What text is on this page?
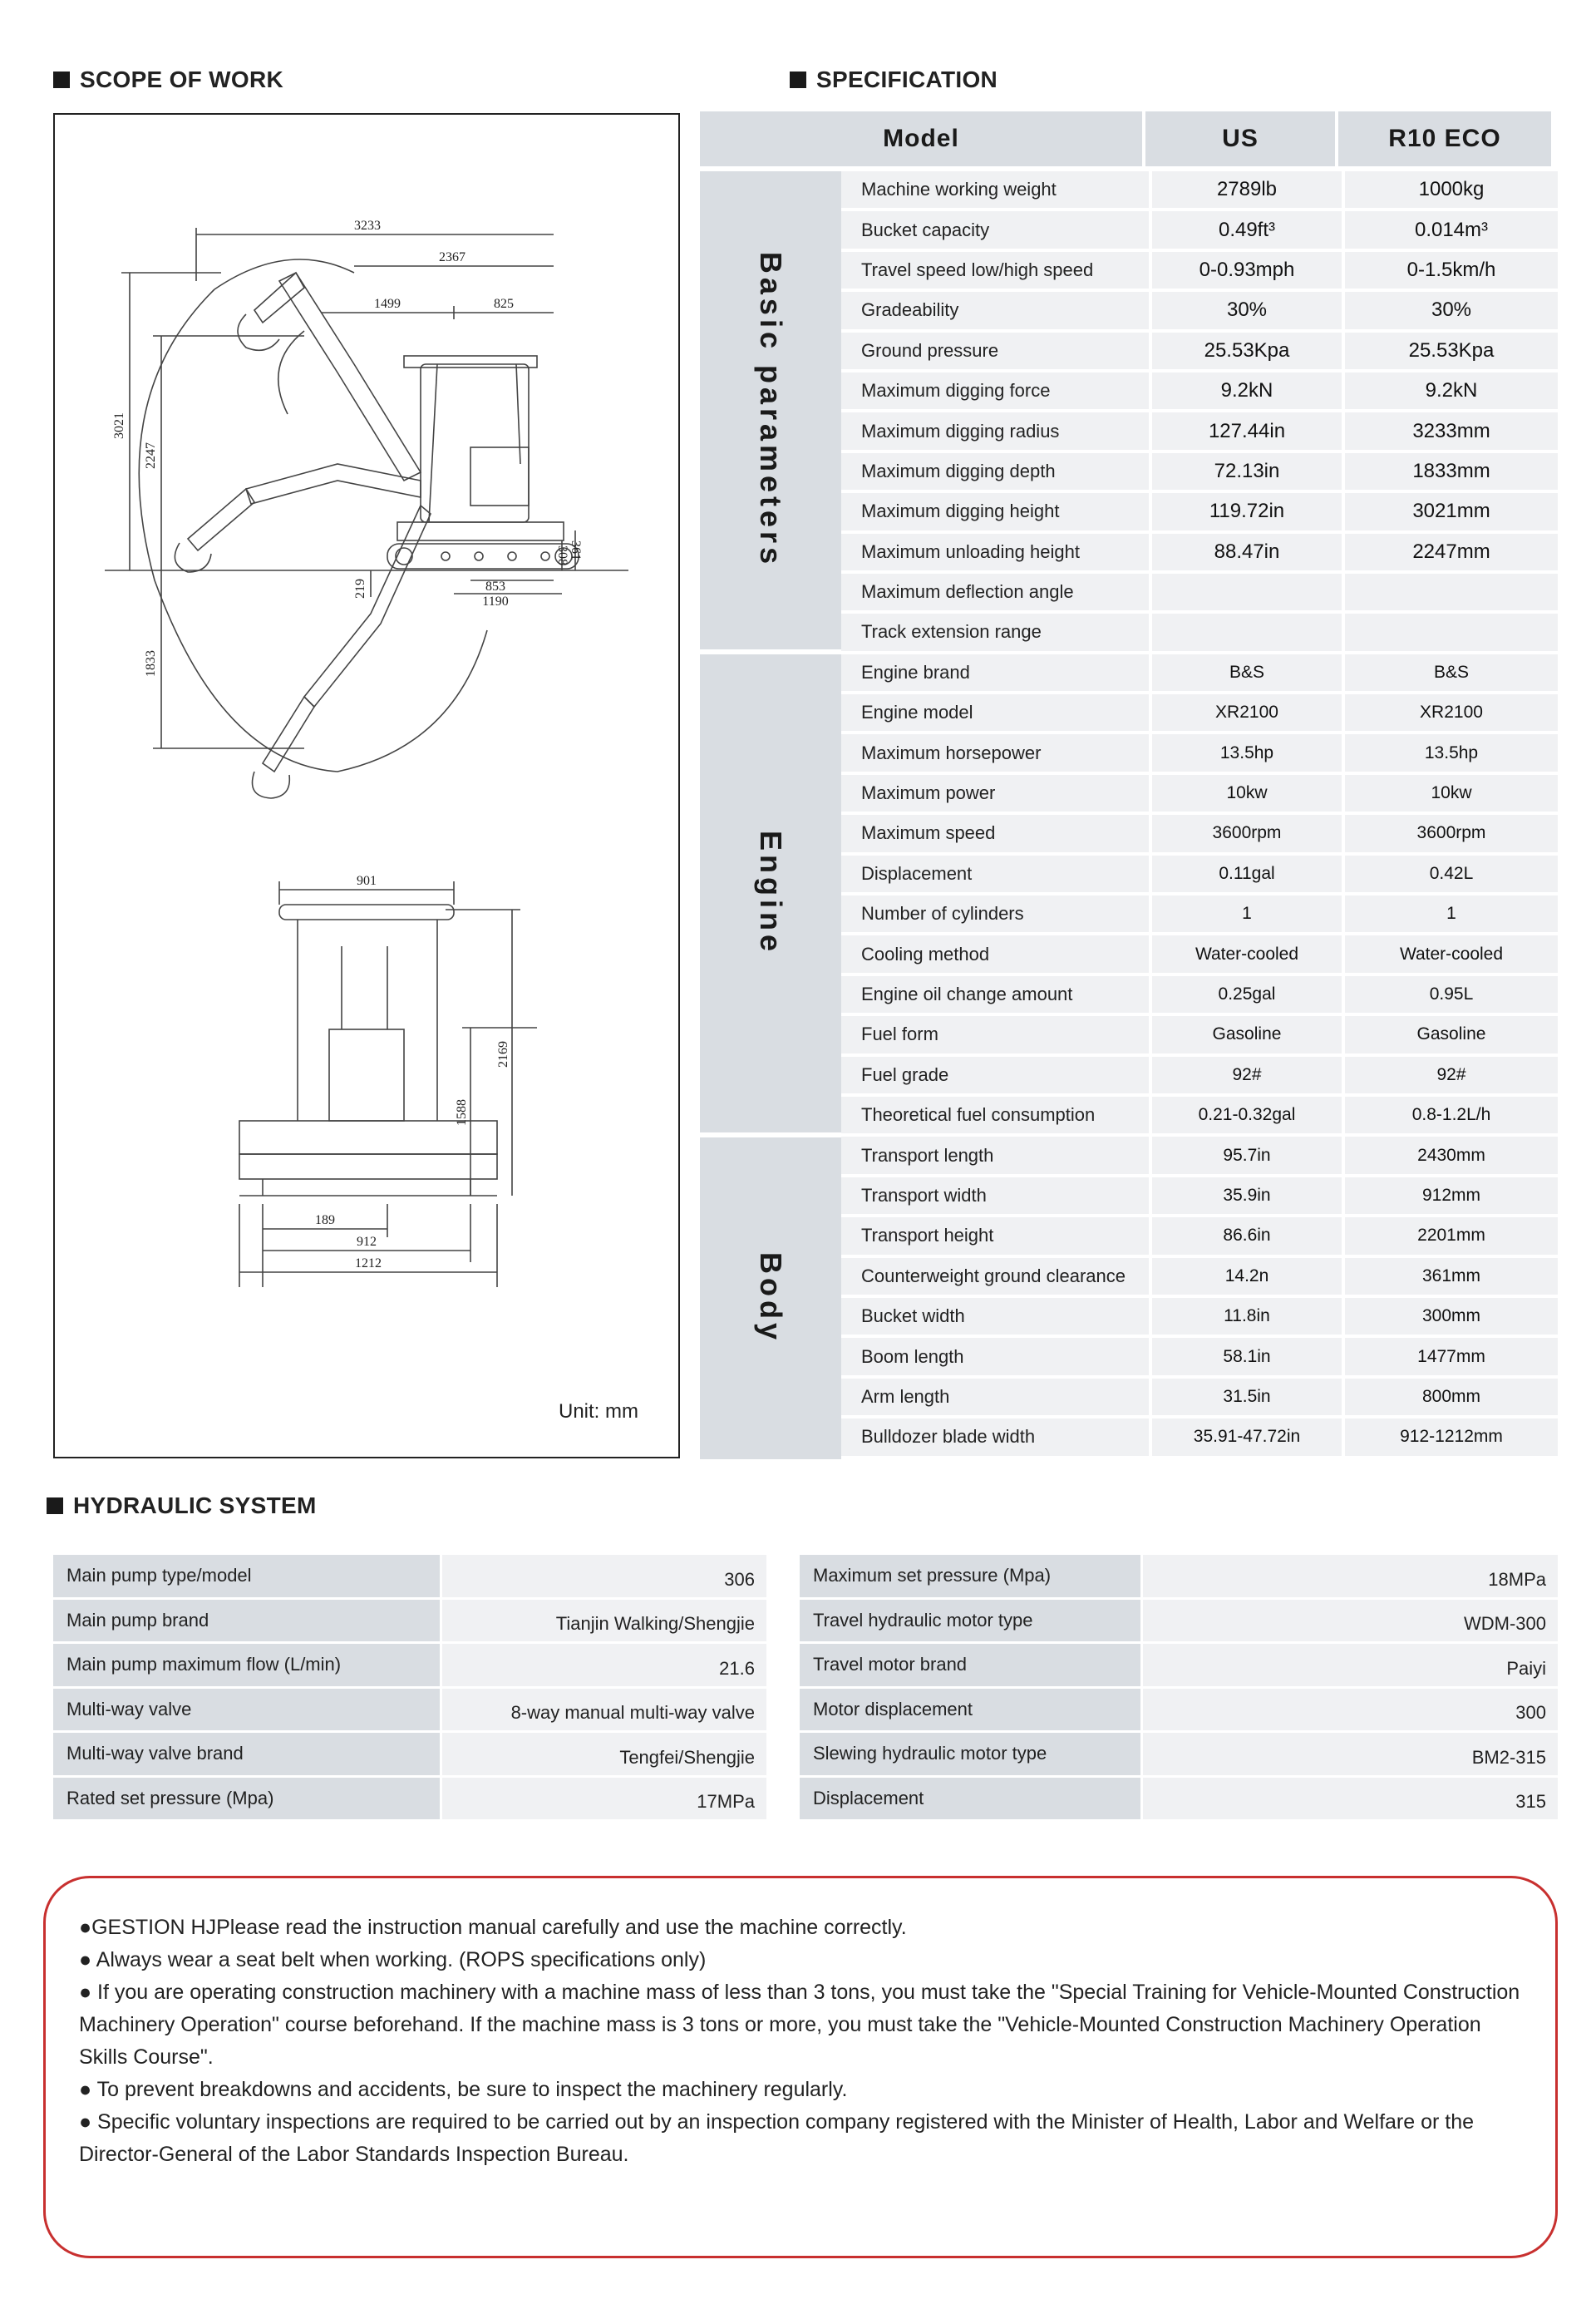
SCOPE OF WORK	SPECIFICATION
3233
2367
1499	825
3021
2247
1833
219	853
1190
308 361
901
1588
2169
189
912
1212
Unit: mm
Model	US	R10 ECO
Basic parameters
Engine
Body
Machine working weight	2789lb	1000kg
Bucket capacity	0.49ft³	0.014m³
Travel speed low/high speed	0-0.93mph	0-1.5km/h
Gradeability	30%	30%
Ground pressure	25.53Kpa	25.53Kpa
Maximum digging force	9.2kN	9.2kN
Maximum digging radius	127.44in	3233mm
Maximum digging depth	72.13in	1833mm
Maximum digging height	119.72in	3021mm
Maximum unloading height	88.47in	2247mm
Maximum deflection angle
Track extension range
Engine brand	B&S	B&S
Engine model	XR2100	XR2100
Maximum horsepower	13.5hp	13.5hp
Maximum power	10kw	10kw
Maximum speed	3600rpm	3600rpm
Displacement	0.11gal	0.42L
Number of cylinders	1	1
Cooling method	Water-cooled	Water-cooled
Engine oil change amount	0.25gal	0.95L
Fuel form	Gasoline	Gasoline
Fuel grade	92#	92#
Theoretical fuel consumption	0.21-0.32gal	0.8-1.2L/h
Transport length	95.7in	2430mm
Transport width	35.9in	912mm
Transport height	86.6in	2201mm
Counterweight ground clearance	14.2n	361mm
Bucket width	11.8in	300mm
Boom length	58.1in	1477mm
Arm length	31.5in	800mm
Bulldozer blade width	35.91-47.72in	912-1212mm
HYDRAULIC SYSTEM
Main pump type/model	306
Main pump brand	Tianjin Walking/Shengjie
Main pump maximum flow (L/min)	21.6
Multi-way valve	8-way manual multi-way valve
Multi-way valve brand	Tengfei/Shengjie
Rated set pressure (Mpa)	17MPa
Maximum set pressure (Mpa)	18MPa
Travel hydraulic motor type	WDM-300
Travel motor brand	Paiyi
Motor displacement	300
Slewing hydraulic motor type	BM2-315
Displacement	315

●GESTION HJPlease read the instruction manual carefully and use the machine correctly.

● Always wear a seat belt when working. (ROPS specifications only)

● If you are operating construction machinery with a machine mass of less than 3 tons, you must take the "Special Training for Vehicle-Mounted Construction Machinery Operation" course beforehand. If the machine mass is 3 tons or more, you must take the "Vehicle-Mounted Construction Machinery Operation Skills Course".

● To prevent breakdowns and accidents, be sure to inspect the machinery regularly.

● Specific voluntary inspections are required to be carried out by an inspection company registered with the Minister of Health, Labor and Welfare or the Director-General of the Labor Standards Inspection Bureau.
